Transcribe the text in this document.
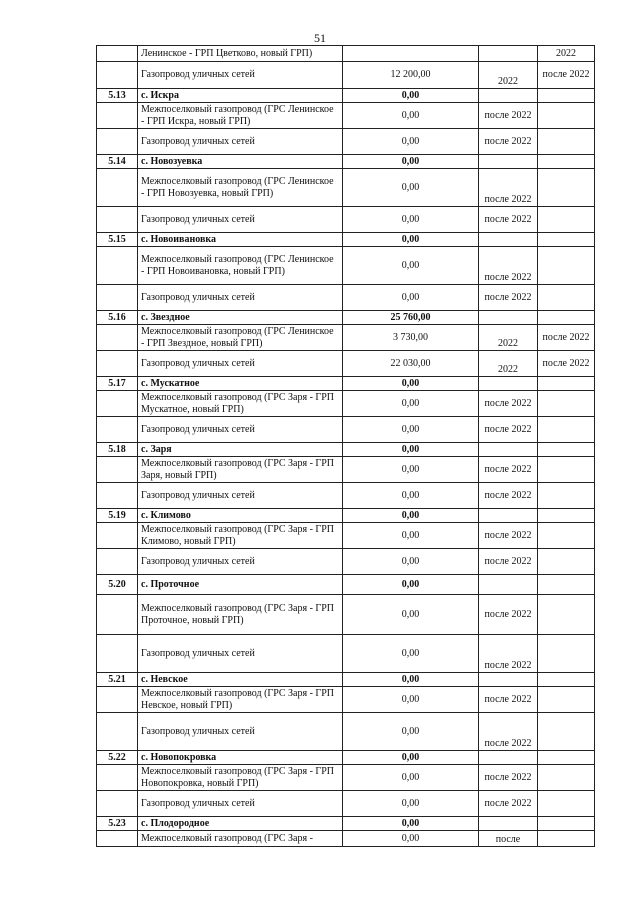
51
	Ленинское - ГРП Цветково, новый ГРП)			2022
	Газопровод уличных сетей	12 200,00	2022	после 2022
5.13	с. Искра	0,00		
	Межпоселковый газопровод (ГРС Ленинское - ГРП Искра, новый ГРП)	0,00	после 2022	
	Газопровод уличных сетей	0,00	после 2022	
5.14	с. Новозуевка	0,00		
	Межпоселковый газопровод (ГРС Ленинское - ГРП Новозуевка, новый ГРП)	0,00	после 2022	
	Газопровод уличных сетей	0,00	после 2022	
5.15	с. Новоивановка	0,00		
	Межпоселковый газопровод (ГРС Ленинское - ГРП Новоивановка, новый ГРП)	0,00	после 2022	
	Газопровод уличных сетей	0,00	после 2022	
5.16	с. Звездное	25 760,00		
	Межпоселковый газопровод (ГРС Ленинское - ГРП Звездное, новый ГРП)	3 730,00	2022	после 2022
	Газопровод уличных сетей	22 030,00	2022	после 2022
5.17	с. Мускатное	0,00		
	Межпоселковый газопровод (ГРС Заря - ГРП Мускатное, новый ГРП)	0,00	после 2022	
	Газопровод уличных сетей	0,00	после 2022	
5.18	с. Заря	0,00		
	Межпоселковый газопровод (ГРС Заря - ГРП Заря, новый ГРП)	0,00	после 2022	
	Газопровод уличных сетей	0,00	после 2022	
5.19	с. Климово	0,00		
	Межпоселковый газопровод (ГРС Заря - ГРП Климово, новый ГРП)	0,00	после 2022	
	Газопровод уличных сетей	0,00	после 2022	
5.20	с. Проточное	0,00		
	Межпоселковый газопровод (ГРС Заря - ГРП Проточное, новый ГРП)	0,00	после 2022	
	Газопровод уличных сетей	0,00	после 2022	
5.21	с. Невское	0,00		
	Межпоселковый газопровод (ГРС Заря - ГРП Невское, новый ГРП)	0,00	после 2022	
	Газопровод уличных сетей	0,00	после 2022	
5.22	с. Новопокровка	0,00		
	Межпоселковый газопровод (ГРС Заря - ГРП Новопокровка, новый ГРП)	0,00	после 2022	
	Газопровод уличных сетей	0,00	после 2022	
5.23	с. Плодородное	0,00		
	Межпоселковый газопровод (ГРС Заря -	0,00	после	
